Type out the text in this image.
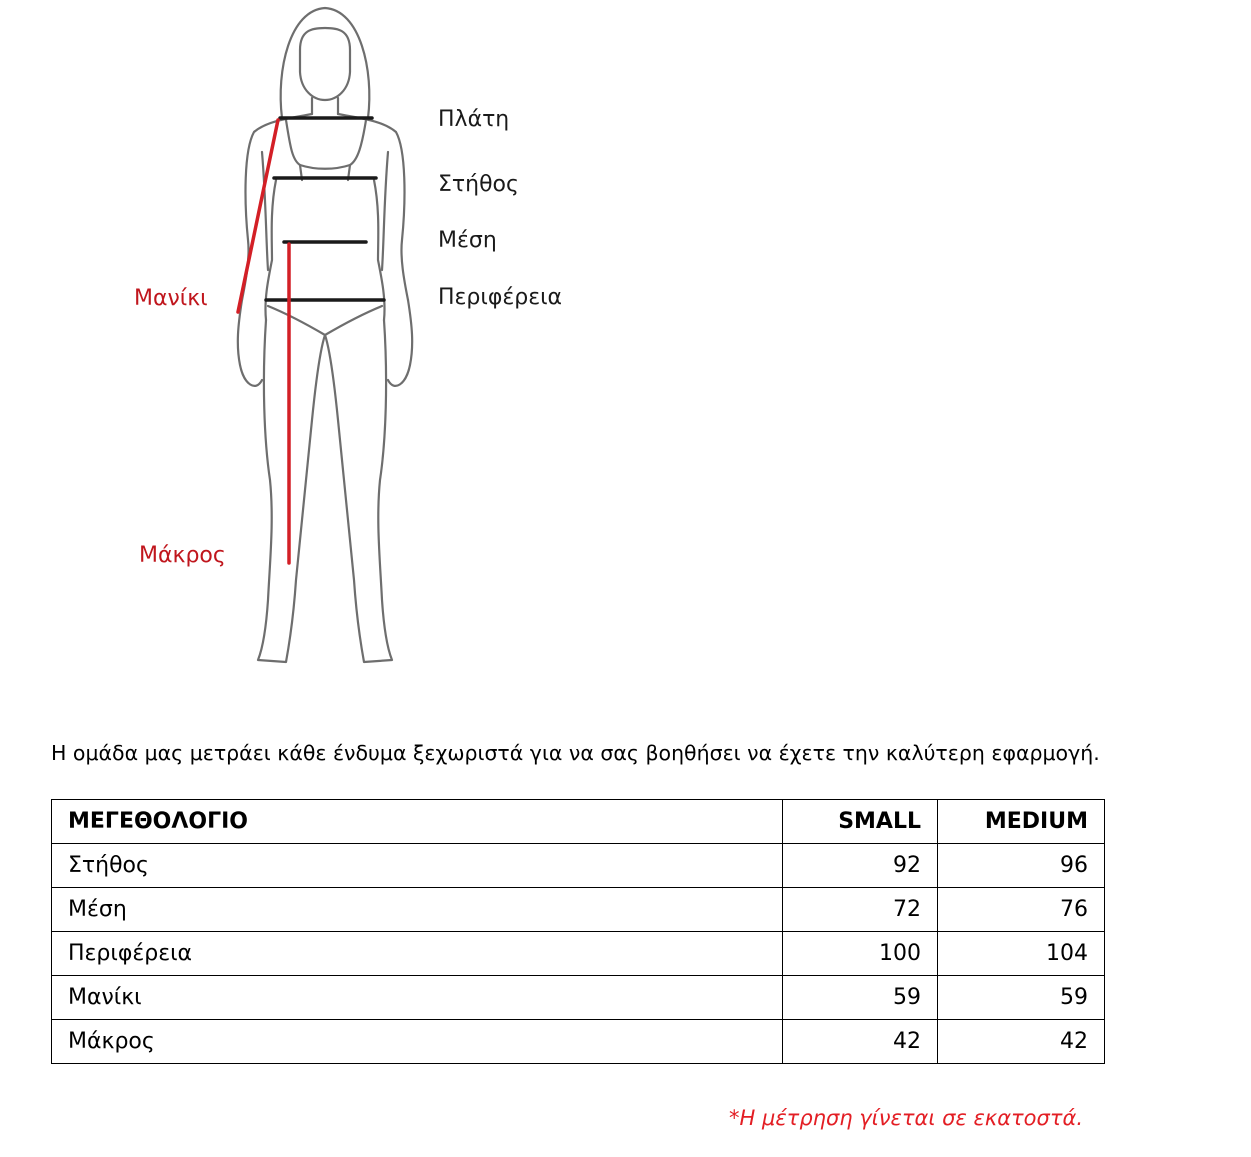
Πλάτη
Στήθος
Μέση
Περιφέρεια
Μανίκι
Μάκρος
Η ομάδα μας μετράει κάθε ένδυμα ξεχωριστά για να σας βοηθήσει να έχετε την καλύτερη εφαρμογή.
ΜΕΓΕΘΟΛΟΓΙΟ	SMALL	MEDIUM
Στήθος	92	96
Μέση	72	76
Περιφέρεια	100	104
Μανίκι	59	59
Μάκρος	42	42
*Η μέτρηση γίνεται σε εκατοστά.
